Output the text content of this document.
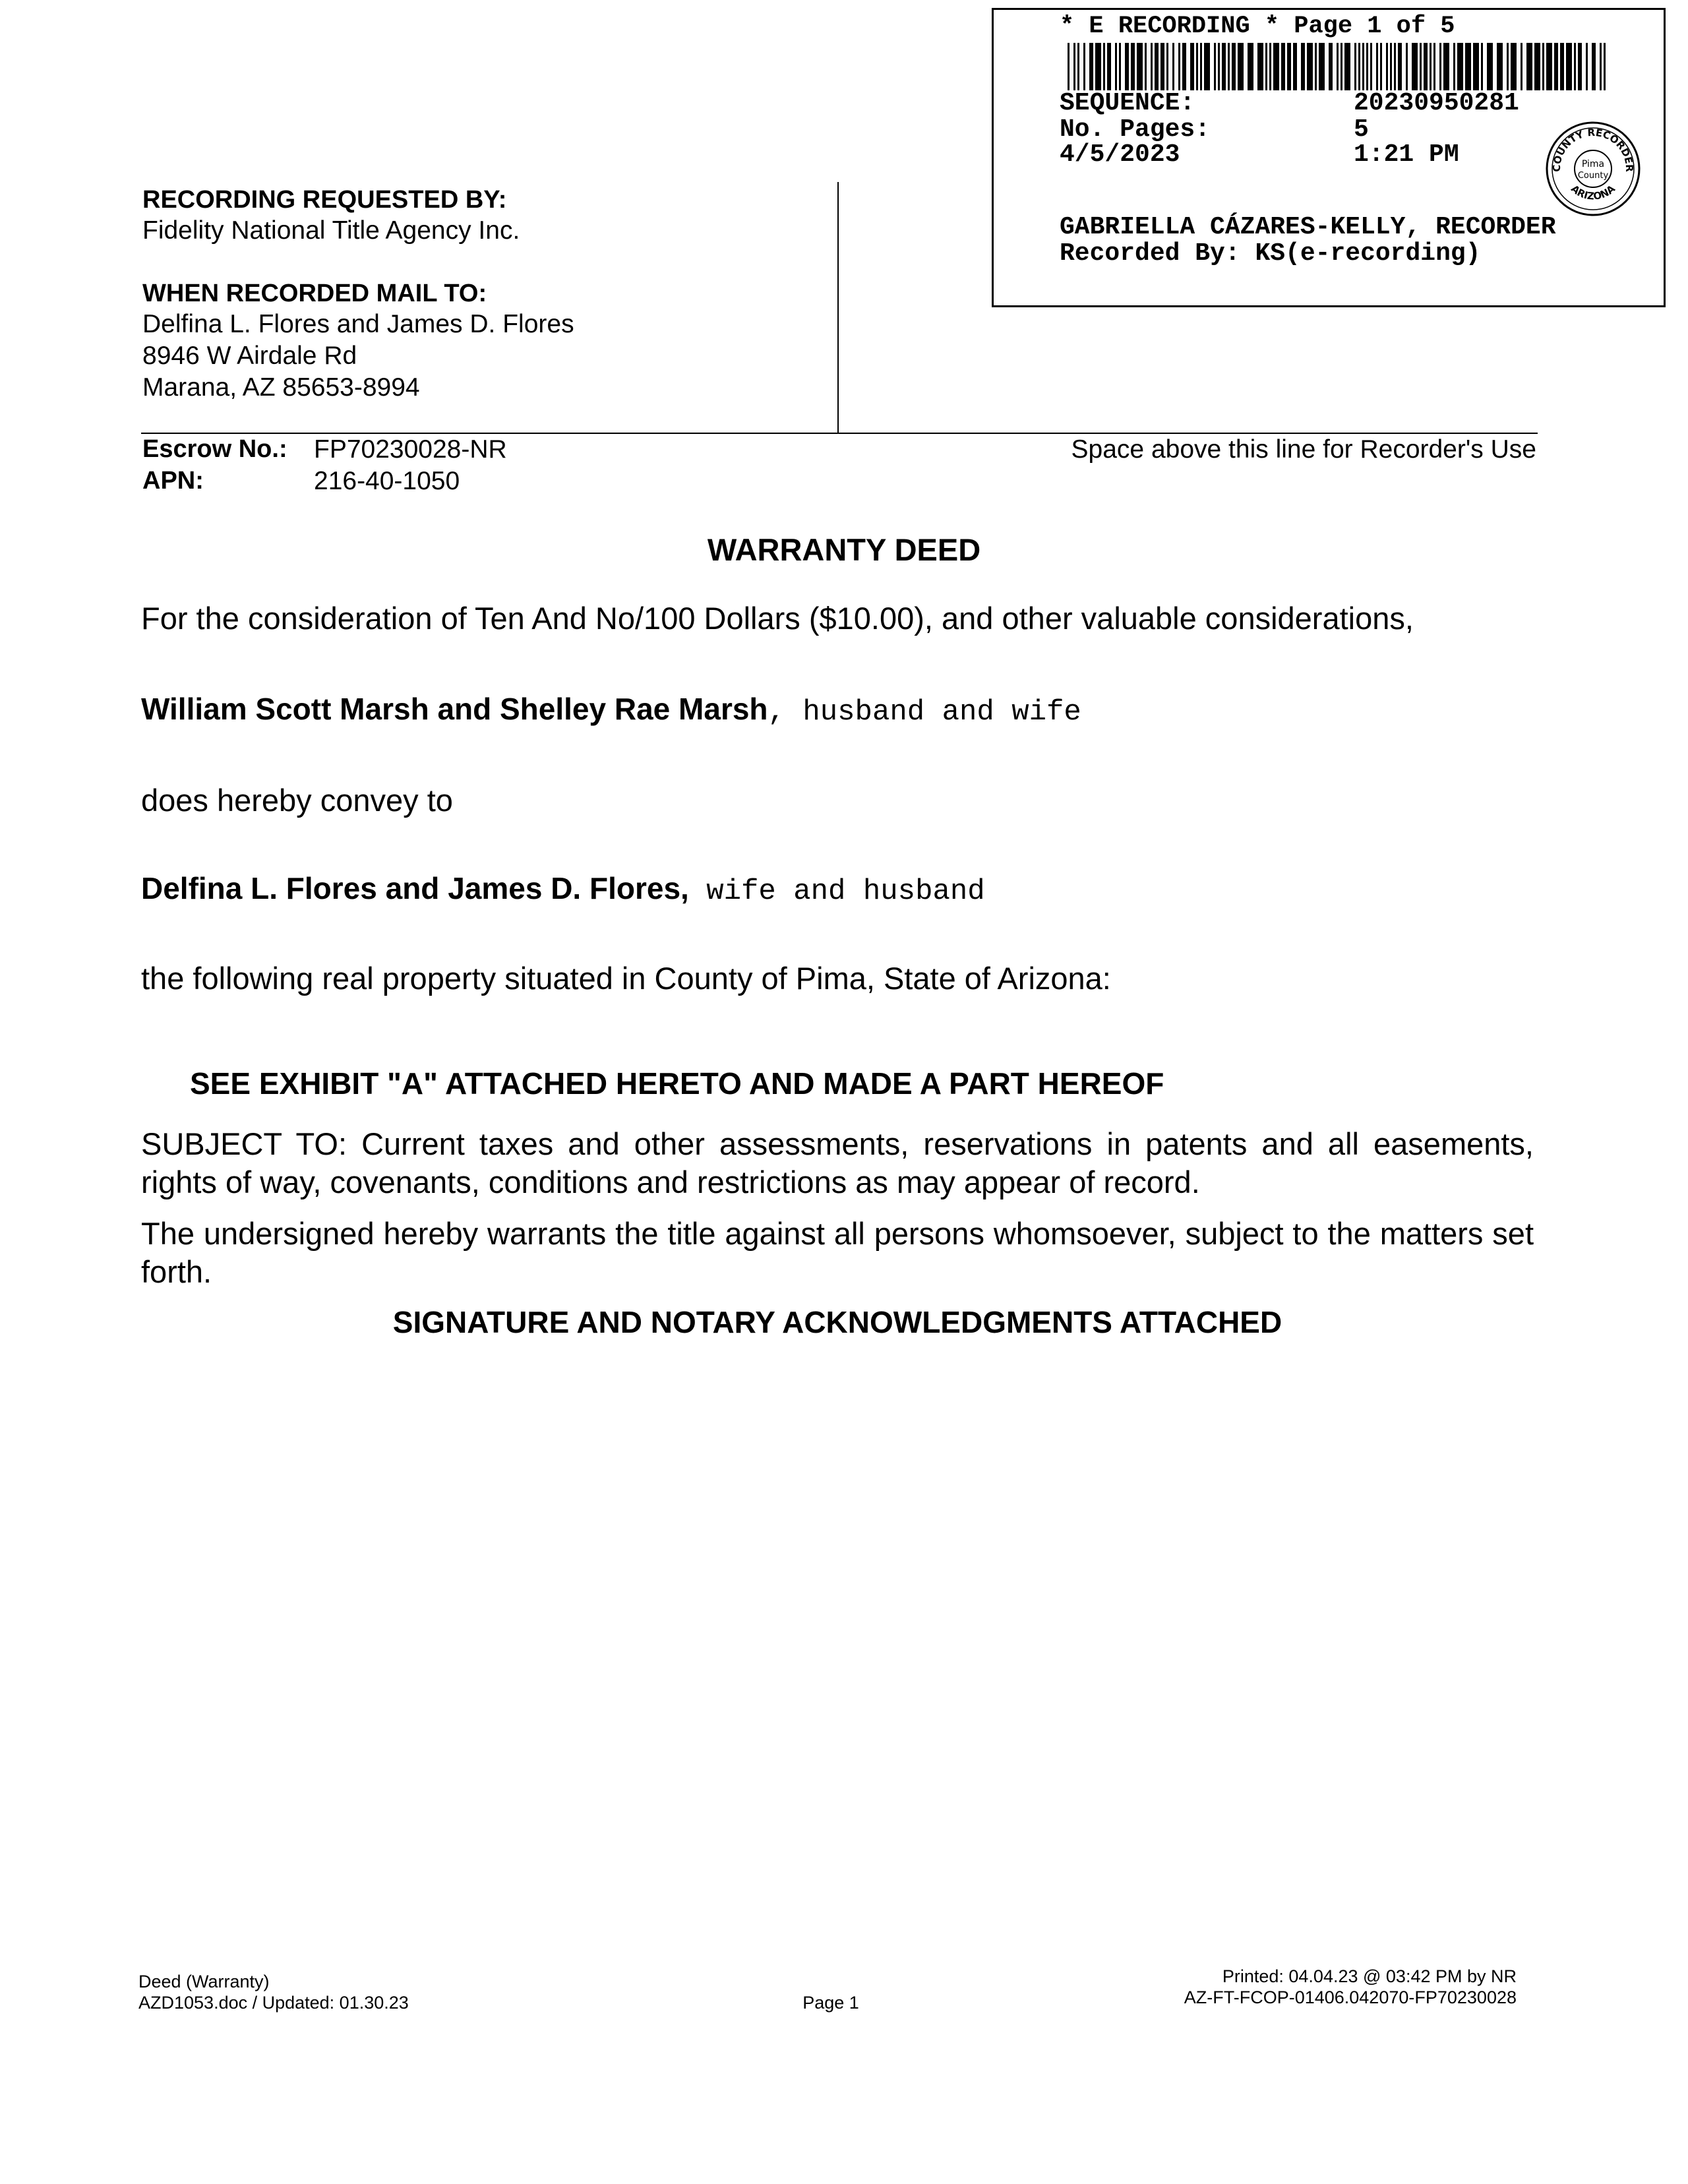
* E RECORDING * Page 1 of 5
SEQUENCE:	20230950281
No. Pages:	5
4/5/2023	1:21 PM	COUNTY RECORDER
ARIZONA
Pima
County
GABRIELLA CÁZARES-KELLY, RECORDER
Recorded By: KS(e-recording)
RECORDING REQUESTED BY:
Fidelity National Title Agency Inc.
WHEN RECORDED MAIL TO:
Delfina L. Flores and James D. Flores
8946 W Airdale Rd
Marana, AZ 85653-8994
Escrow No.: FP70230028-NR
APN:	216-40-1050
Space above this line for Recorder's Use
WARRANTY DEED
For the consideration of Ten And No/100 Dollars ($10.00), and other valuable considerations,
William Scott Marsh and Shelley Rae Marsh, husband and wife
does hereby convey to
Delfina L. Flores and James D. Flores, wife and husband
the following real property situated in County of Pima, State of Arizona:
SEE EXHIBIT "A" ATTACHED HERETO AND MADE A PART HEREOF
SUBJECT TO: Current taxes and other assessments, reservations in patents and all easements, rights of way, covenants, conditions and restrictions as may appear of record.
The undersigned hereby warrants the title against all persons whomsoever, subject to the matters set forth.
SIGNATURE AND NOTARY ACKNOWLEDGMENTS ATTACHED
Deed (Warranty)
AZD1053.doc / Updated: 01.30.23	Page 1
Printed: 04.04.23 @ 03:42 PM by NR
AZ-FT-FCOP-01406.042070-FP70230028
